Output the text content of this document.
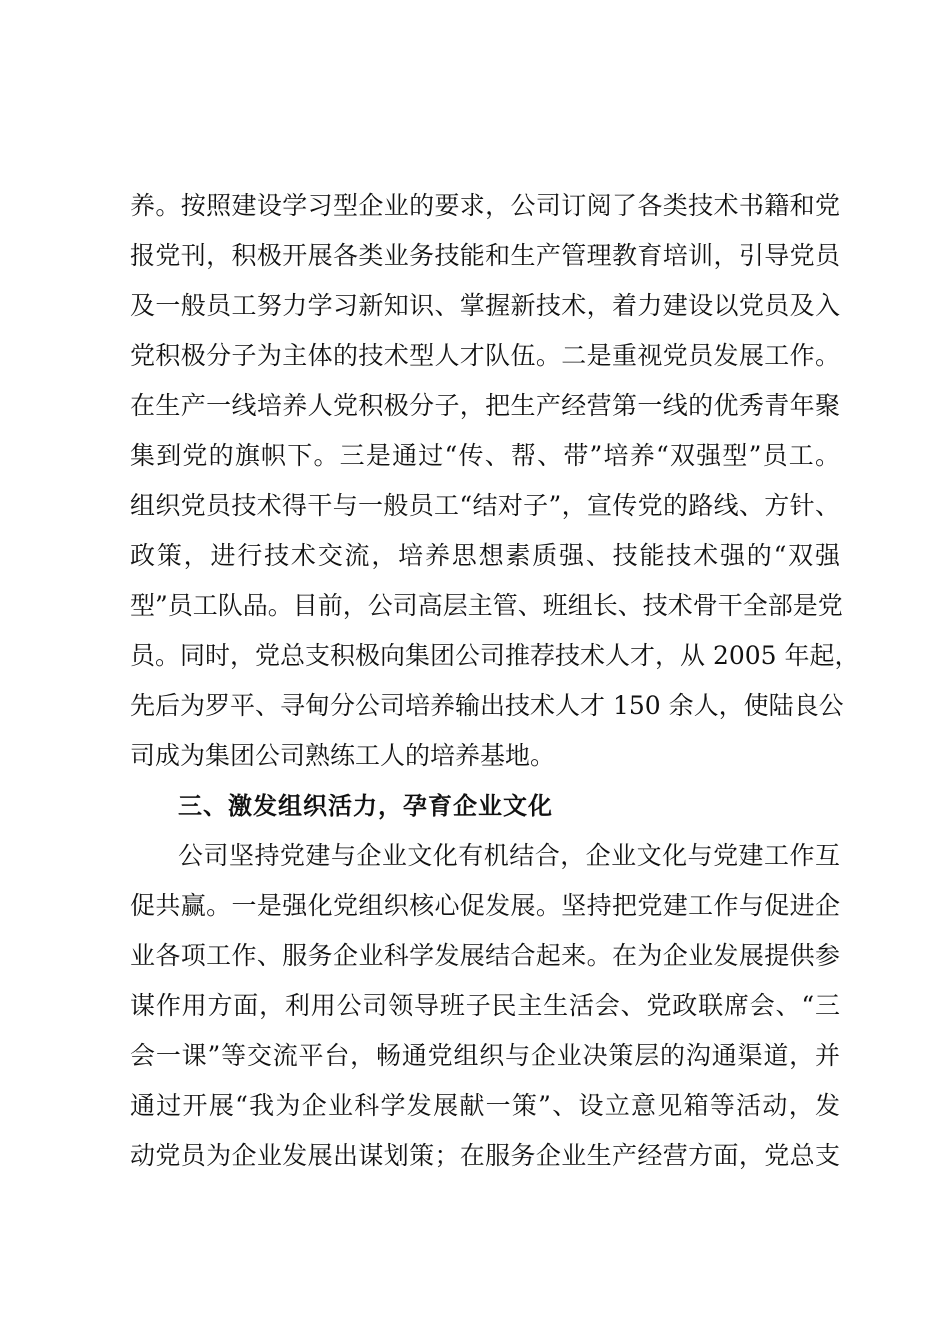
养。按照建设学习型企业的要求，公司订阅了各类技术书籍和党
报党刊，积极开展各类业务技能和生产管理教育培训，引导党员
及一般员工努力学习新知识、掌握新技术，着力建设以党员及入
党积极分子为主体的技术型人才队伍。二是重视党员发展工作。
在生产一线培养人党积极分子，把生产经营第一线的优秀青年聚
集到党的旗帜下。三是通过“传、帮、带”培养“双强型”员工。
组织党员技术得干与一般员工“结对子”，宣传党的路线、方针、
政策，进行技术交流，培养思想素质强、技能技术强的“双强
型”员工队品。目前，公司高层主管、班组长、技术骨干全部是党
员。同时，党总支积极向集团公司推荐技术人才，从 2005 年起，
先后为罗平、寻甸分公司培养输出技术人才 150 余人，使陆良公
司成为集团公司熟练工人的培养基地。
三、激发组织活力，孕育企业文化
公司坚持党建与企业文化有机结合，企业文化与党建工作互
促共赢。一是强化党组织核心促发展。坚持把党建工作与促进企
业各项工作、服务企业科学发展结合起来。在为企业发展提供参
谋作用方面，利用公司领导班子民主生活会、党政联席会、“三
会一课”等交流平台，畅通党组织与企业决策层的沟通渠道，并
通过开展“我为企业科学发展献一策”、设立意见箱等活动，发
动党员为企业发展出谋划策；在服务企业生产经营方面，党总支
